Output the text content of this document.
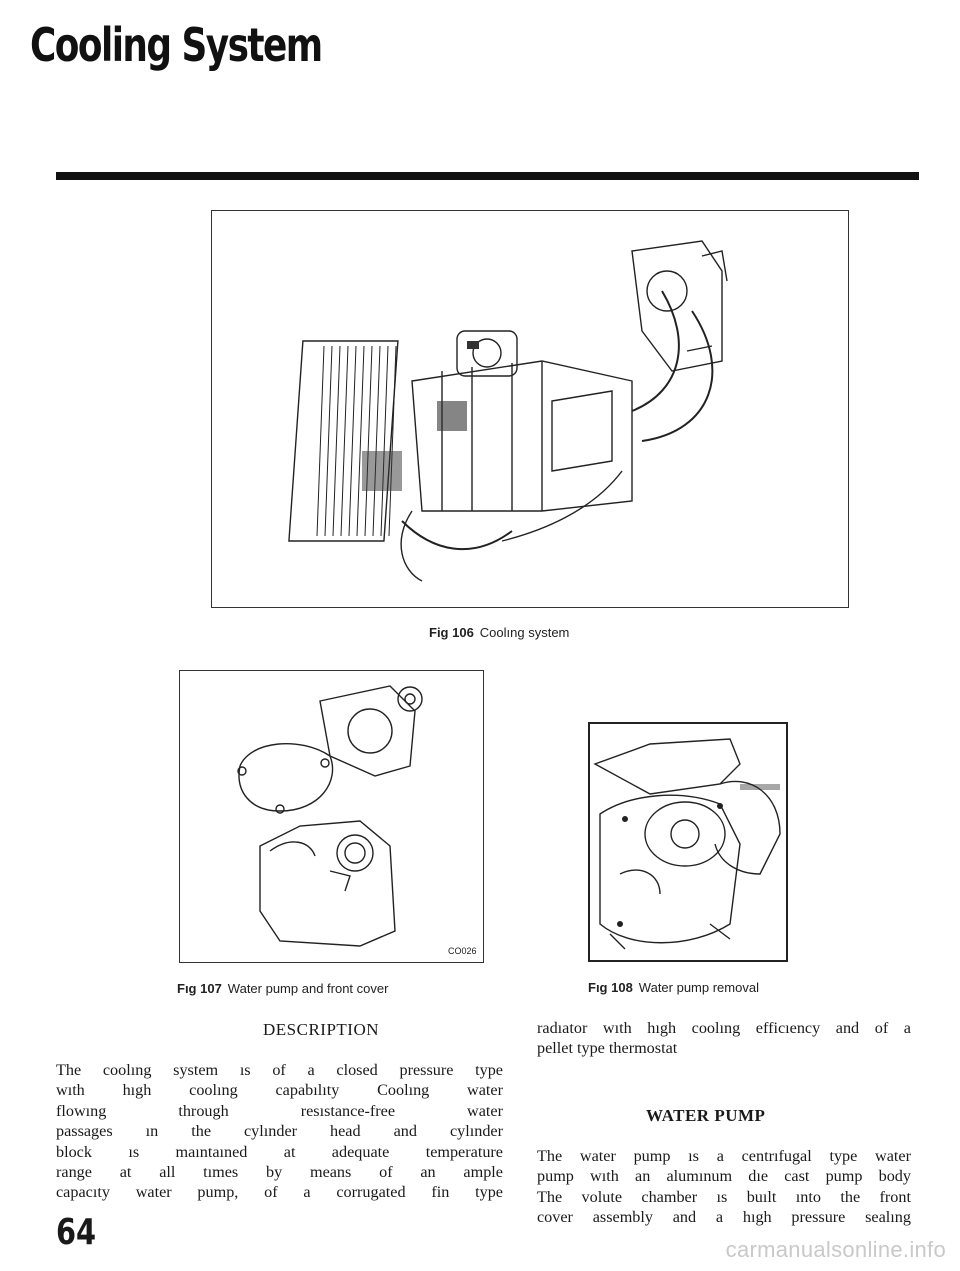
Cooling System
Fig 106 Coolıng system
CO026
Fıg 107 Water pump and front cover	Fıg 108 Water pump removal
DESCRIPTION
The coolıng system ıs of a closed pressure type
wıth hıgh coolıng capabılıty Coolıng water
flowıng through resıstance-free water
passages ın the cylınder head and cylınder
block ıs maıntaıned at adequate temperature
range at all tımes by means of an ample
capacıty water pump, of a corrugated fin type
radıator wıth hıgh coolıng efficıency and of a
pellet type thermostat
WATER PUMP
The water pump ıs a centrıfugal type water
pump wıth an alumınum dıe cast pump body
The volute chamber ıs buılt ınto the front
cover assembly and a hıgh pressure sealıng
64	carmanualsonline.info
